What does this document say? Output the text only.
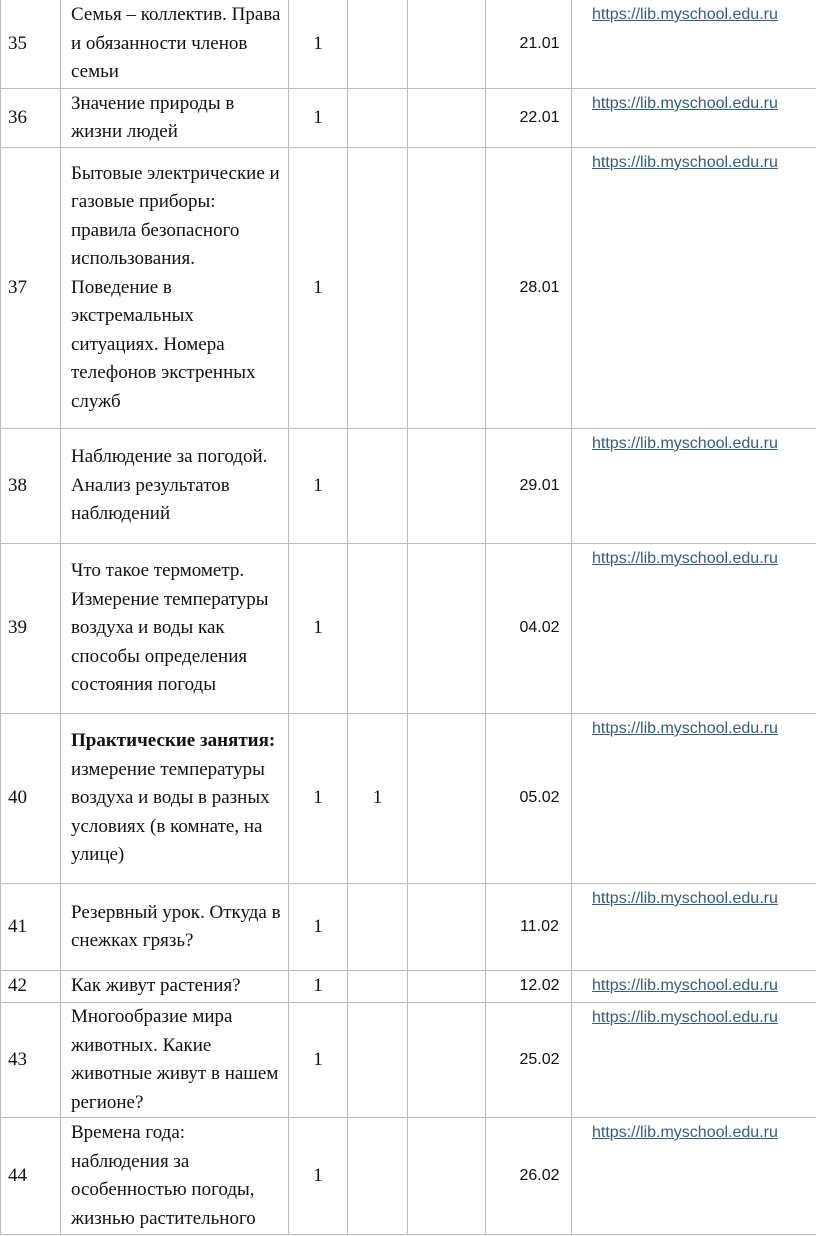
35	Семья – коллектив. Права и обязанности членов семьи	1			21.01	https://lib.myschool.edu.ru
36	Значение природы в жизни людей	1			22.01	https://lib.myschool.edu.ru
37	Бытовые электрические и газовые приборы: правила безопасного использования. Поведение в экстремальных ситуациях. Номера телефонов экстренных служб	1			28.01	https://lib.myschool.edu.ru
38	Наблюдение за погодой. Анализ результатов наблюдений	1			29.01	https://lib.myschool.edu.ru
39	Что такое термометр. Измерение температуры воздуха и воды как способы определения состояния погоды	1			04.02	https://lib.myschool.edu.ru
40	Практические занятия: измерение температуры воздуха и воды в разных условиях (в комнате, на улице)	1	1		05.02	https://lib.myschool.edu.ru
41	Резервный урок. Откуда в снежках грязь?	1			11.02	https://lib.myschool.edu.ru
42	Как живут растения?	1			12.02	https://lib.myschool.edu.ru
43	Многообразие мира животных. Какие животные живут в нашем регионе?	1			25.02	https://lib.myschool.edu.ru
44	Времена года: наблюдения за особенностью погоды, жизнью растительного	1			26.02	https://lib.myschool.edu.ru
